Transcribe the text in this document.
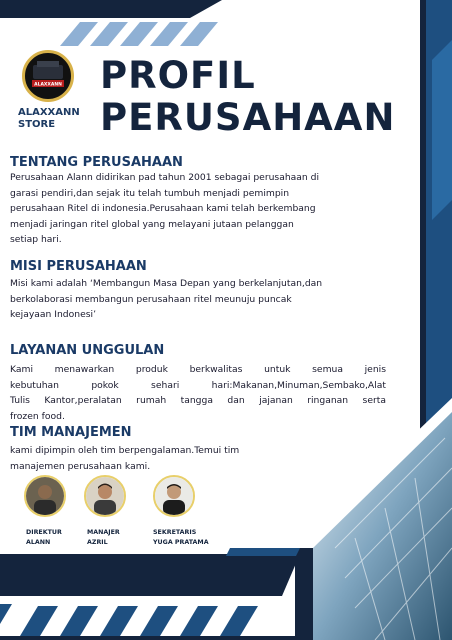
ALAXXANN
ALAXXANN
STORE
PROFIL
PERUSAHAAN
TENTANG PERUSAHAAN
Perusahaan Alann didirikan pad tahun 2001 sebagai perusahaan di
garasi pendiri,dan sejak itu telah tumbuh menjadi pemimpin
perusahaan Ritel di indonesia.Perusahaan kami telah berkembang
menjadi jaringan ritel global yang melayani jutaan pelanggan
setiap hari.
MISI PERUSAHAAN
Misi kami adalah ‘Membangun Masa Depan yang berkelanjutan,dan
berkolaborasi membangun perusahaan ritel meunuju puncak
kejayaan Indonesi’
LAYANAN UNGGULAN
Kami menawarkan produk berkwalitas untuk semua jenis
kebutuhan pokok sehari hari:Makanan,Minuman,Sembako,Alat
Tulis Kantor,peralatan rumah tangga dan jajanan ringanan serta
frozen food.
TIM MANAJEMEN
kami dipimpin oleh tim berpengalaman.Temui tim
manajemen perusahaan kami.
DIREKTUR
ALANN
MANAJER
AZRIL
SEKRETARIS
YUGA PRATAMA
